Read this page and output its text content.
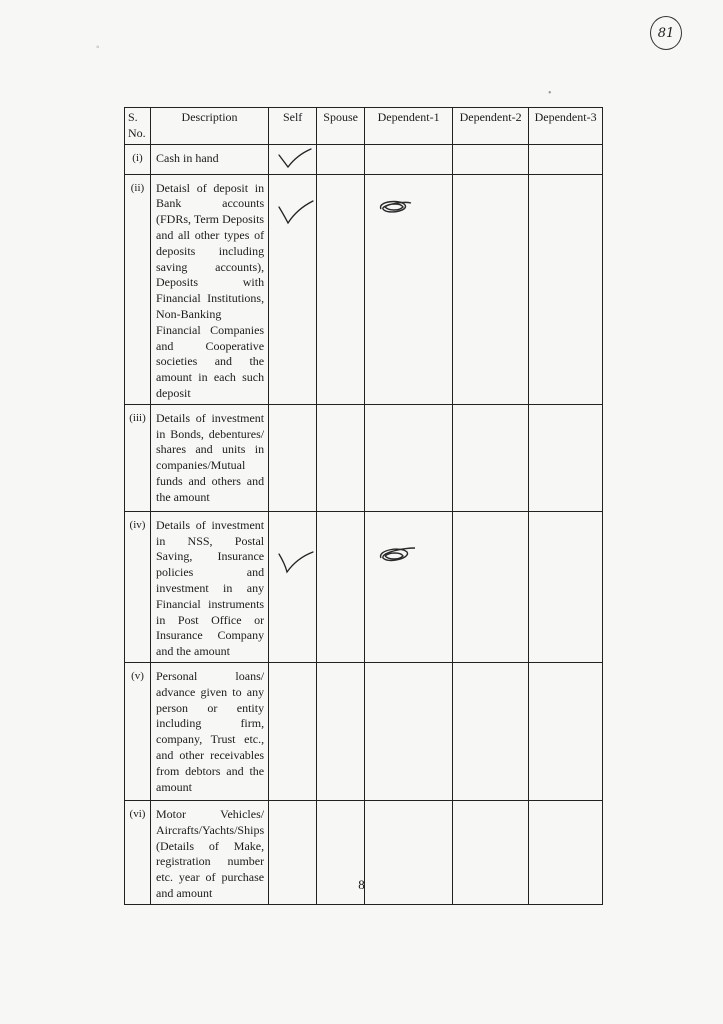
81
◦
•
S. No.	Description	Self	Spouse	Dependent-1	Dependent-2	Dependent-3
(i)	Cash in hand	

(ii)	Detaisl of deposit in Bank accounts (FDRs, Term Deposits and all other types of deposits including saving accounts), Deposits with Financial Institutions, Non-Banking Financial Companies and Cooperative societies and the amount in each such deposit	

(iii)	Details of investment in Bonds, debentures/ shares and units in companies/Mutual funds and others and the amount					
(iv)	Details of investment in NSS, Postal Saving, Insurance policies and investment in any Financial instruments in Post Office or Insurance Company and the amount	

(v)	Personal loans/ advance given to any person or entity including firm, company, Trust etc., and other receivables from debtors and the amount					
(vi)	Motor Vehicles/ Aircrafts/Yachts/Ships (Details of Make, registration number etc. year of purchase and amount					
8
